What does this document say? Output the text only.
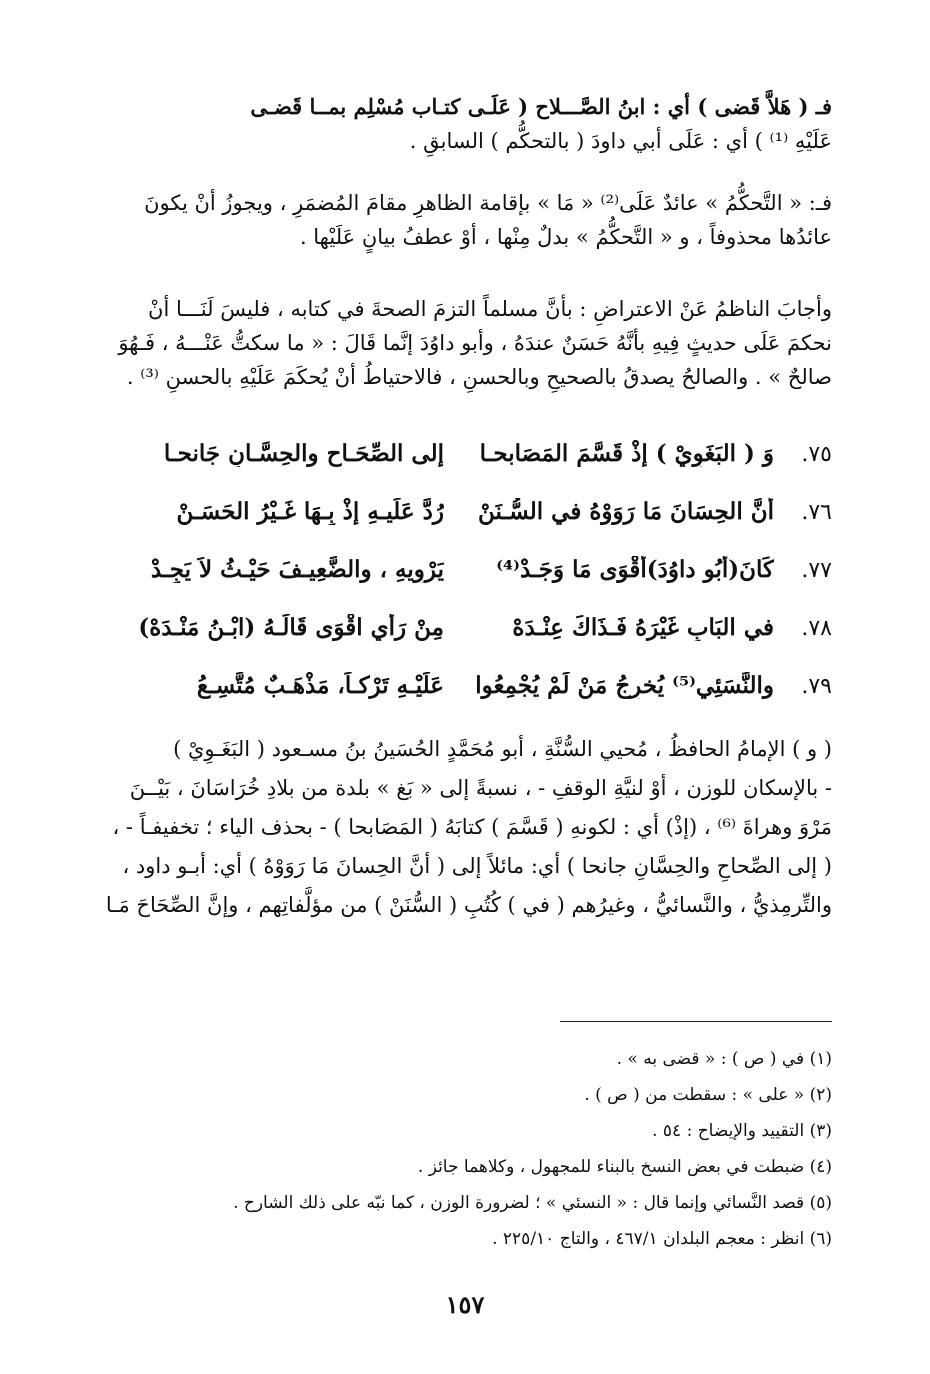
فـ ( هَلاَّ قَضى ) أي : ابنُ الصَّـــلاح ( عَلَـى كتـاب مُسْلِم بمــا قَضـى

عَلَيْهِ ⁽¹⁾ ) أي : عَلَى أبي داودَ ( بالتحكُّم ) السابقِ .

فـ: « التَّحكُّمُ » عائدٌ عَلَى⁽²⁾ « مَا » بإقامة الظاهرِ مقامَ المُضمَرِ ، ويجوزُ أنْ يكونَ

عائدُها محذوفاً ، و « التَّحكُّمُ » بدلٌ مِنْها ، أوْ عطفُ بيانٍ عَلَيْها .

وأجابَ الناظمُ عَنْ الاعتراضِ : بأنَّ مسلماً التزمَ الصحةَ في كتابه ، فليسَ لَنَـــا أنْ

نحكمَ عَلَى حديثٍ فِيهِ بأنَّهُ حَسَنٌ عندَهُ ، وأبو داوُدَ إنَّما قَالَ : « ما سكتُّ عَنْـــهُ ، فَـهُوَ

صالحٌ » . والصالحُ يصدقُ بالصحيحِ وبالحسنِ ، فالاحتياطُ أنْ يُحكَمَ عَلَيْهِ بالحسنِ ⁽³⁾ .

٧٥.
وَ ( البَغَوِيْ ) إذْ قَسَّمَ المَصَابحـا
إلى الصِّحَـاحِ والحِسَّـانِ جَانحـا
٧٦.
أنَّ الحِسَانَ مَا رَوَوْهُ في السُّـنَنْ
رُدَّ عَلَيـهِ إذْ بِـهَا غَـيْرُ الحَسَـنْ
٧٧.
كَانَ(أبُو داوُدَ)أقْوَى مَا وَجَـدْ⁽⁴⁾
يَرْوِيهِ ، والضَّعِيـفَ حَيْـثُ لاَ يَجِـدْ
٧٨.
في البَابِ غَيْرَهُ فَـذَاكَ عِنْـدَهْ
مِنْ رَأيٍ اقْوَى قَالَـهُ (ابْـنُ مَنْـدَهْ)
٧٩.
والنَّسَئِي⁽⁵⁾ يُخرِجُ مَنْ لَمْ يُجْمِعُوا
عَلَيْـهِ تَرْكـاً، مَذْهَـبٌ مُتَّسِـعُ

( و ) الإمامُ الحافظُ ، مُحيي السُّنَّةِ ، أبو مُحَمَّدٍ الحُسَينُ بنُ مسـعود ( البَغَـوِيْ )

- بالإسكان للوزن ، أوْ لنيَّةِ الوقفِ - ، نسبةً إلى « بَغ » بلدة من بلادِ خُرَاسَانَ ، بَيْــنَ

مَرْوَ وهراةَ ⁽⁶⁾ ، (إذْ) أي : لكونهِ ( قَسَّمَ ) كتابَهُ ( المَصَابحا ) - بحذف الياء ؛ تخفيفـاً - ،

( إلى الصِّحاحِ والحِسَّانِ جانحا ) أي: مائلاً إلى ( أنَّ الحِسانَ مَا رَوَوْهُ ) أي: أبـو داود ،

والتِّرمِذيُّ ، والنَّسائيُّ ، وغيرُهم ( في ) كُتُبِ ( السُّنَنْ ) من مؤلَّفاتِهم ، وإنَّ الصِّحَاحَ مَـا

(١) في ( ص ) : « قضى به » .
(٢) « على » : سقطت من ( ص ) .
(٣) التقييد والإيضاح : ٥٤ .
(٤) ضبطت في بعض النسخ بالبناء للمجهول ، وكلاهما جائز .
(٥) قصد النَّسائي وإنما قال : « النسئي » ؛ لضرورة الوزن ، كما نبّه على ذلك الشارح .
(٦) انظر : معجم البلدان ٤٦٧/١ ، والتاج ٢٢٥/١٠ .
١٥٧
